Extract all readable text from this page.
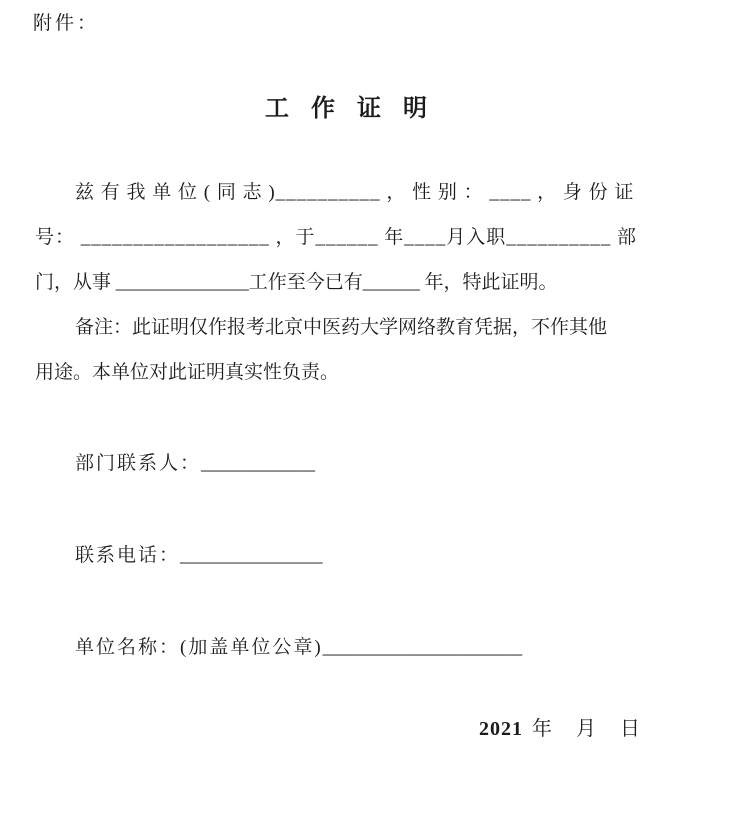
附件：
工 作 证 明
兹 有 我 单 位 ( 同 志 )__________ ， 性 别 ： ____ ， 身 份 证
号： __________________ ，于______ 年____月入职__________ 部
门，从事 ______________工作至今已有______ 年，特此证明。
备注：此证明仅作报考北京中医药大学网络教育凭据，不作其他
用途。本单位对此证明真实性负责。
部门联系人：____________
联系电话：_______________
单位名称：(加盖单位公章)_____________________
2021 年　月　日
